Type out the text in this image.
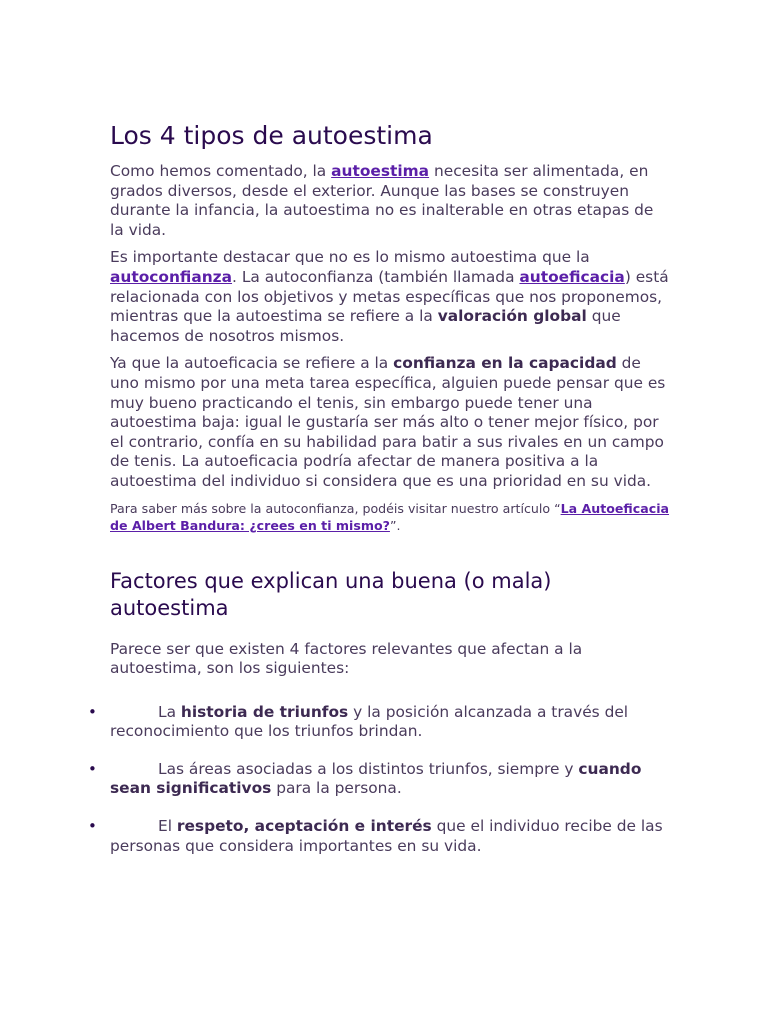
Los 4 tipos de autoestima

Como hemos comentado, la autoestima necesita ser alimentada, en grados diversos, desde el exterior. Aunque las bases se construyen durante la infancia, la autoestima no es inalterable en otras etapas de la vida.

Es importante destacar que no es lo mismo autoestima que la autoconfianza. La autoconfianza (también llamada autoeficacia) está relacionada con los objetivos y metas específicas que nos proponemos, mientras que la autoestima se refiere a la valoración global que hacemos de nosotros mismos.

Ya que la autoeficacia se refiere a la confianza en la capacidad de uno mismo por una meta tarea específica, alguien puede pensar que es muy bueno practicando el tenis, sin embargo puede tener una autoestima baja: igual le gustaría ser más alto o tener mejor físico, por el contrario, confía en su habilidad para batir a sus rivales en un campo de tenis. La autoeficacia podría afectar de manera positiva a la autoestima del individuo si considera que es una prioridad en su vida.

Para saber más sobre la autoconfianza, podéis visitar nuestro artículo “La Autoeficacia de Albert Bandura: ¿crees en ti mismo?”.

Factores que explican una buena (o mala) autoestima

Parece ser que existen 4 factores relevantes que afectan a la autoestima, son los siguientes:

•	La historia de triunfos y la posición alcanzada a través del reconocimiento que los triunfos brindan.
•	Las áreas asociadas a los distintos triunfos, siempre y cuando sean significativos para la persona.
•	El respeto, aceptación e interés que el individuo recibe de las personas que considera importantes en su vida.
